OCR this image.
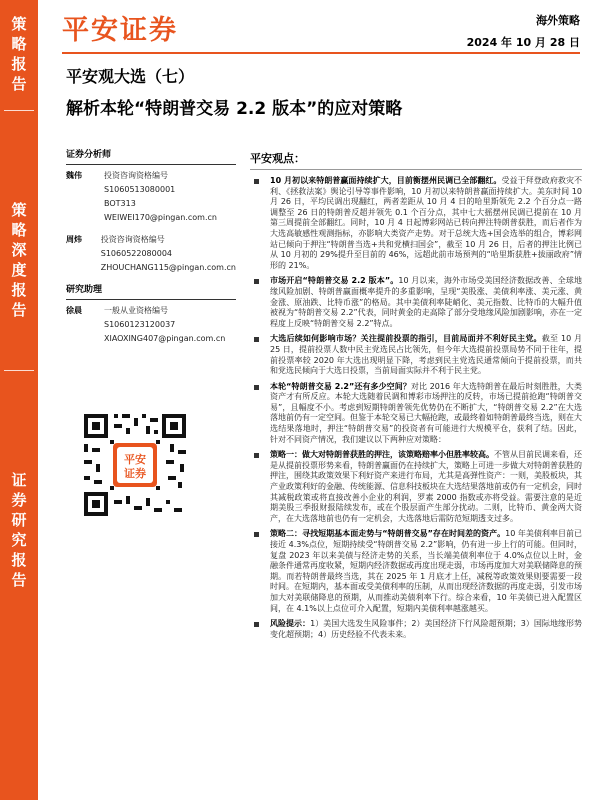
策
略
报
告
策
略
深
度
报
告
证
券
研
究
报
告
平安证券	海外策略
2024 年 10 月 28 日
平安观大选（七）
解析本轮“特朗普交易 2.2 版本”的应对策略
证券分析师
魏伟	投资咨询资格编号
S1060513080001
BOT313
WEIWEI170@pingan.com.cn
周炜	投资咨询资格编号
S1060522080004
ZHOUCHANG115@pingan.com.cn
研究助理
徐晨	一般从业资格编号
S1060123120037
XIAOXING407@pingan.com.cn
平安
证券
平安观点：
10 月初以来特朗普赢面持续扩大，目前衡摆州民调已全部翻红。受益于拜登政府救灾不利、《拯救法案》舆论引导等事件影响，10 月初以来特朗普赢面持续扩大。美东时间 10 月 26 日，平均民调出现翻红，两者差距从 10 月 4 日的哈里斯领先 2.2 个百分点一路调整至 26 日的特朗普反超并领先 0.1 个百分点，其中七大摇摆州民调已提前在 10 月第三周提前全部翻红。同时，10 月 4 日起博彩网站已转向押注特朗普获胜，而后者作为大选高敏感性观测指标，亦影响大类资产走势。对于总统大选+国会选举的组合，博彩网站已倾向于押注“特朗普当选+共和党横扫国会”，截至 10 月 26 日，后者的押注比例已从 10 月初的 29%提升至目前的 46%，远超此前市场预判的“哈里斯获胜+拔丽政府”情形的 21%。
市场开启“特朗普交易 2.2 版本”。10 月以来，海外市场受美国经济数据改善、全球地缘风险加剧、特朗普赢面概率提升的多重影响，呈现“美股涨、美债利率涨、美元涨、黄金涨、原油跌、比特币涨”的格局。其中美债利率陡峭化、美元指数、比特币的大幅升值被视为“特朗普交易 2.2”代表，同时黄金的走高除了部分受地缘风险加剧影响，亦在一定程度上反映“特朗普交易 2.2”特点。
大选后续如何影响市场？关注提前投票的指引，目前局面并不利好民主党。截至 10 月 25 日，提前投票人数中民主党选民占比领先，但今年大选提前投票局势不同于往年，提前投票率较 2020 年大选出现明显下降，考虑到民主党选民通常倾向于提前投票，而共和党选民倾向于大选日投票，当前局面实际并不利于民主党。
本轮“特朗普交易 2.2”还有多少空间？对比 2016 年大选特朗普在最后时刻胜胜，大类资产才有所反应。本轮大选随着民调和博彩市场押注的反转，市场已提前抢跑“特朗普交易”，且幅度不小。考虑到短期特朗普领先优势仍在不断扩大，“特朗普交易 2.2”在大选落地前仍有一定空间。但鉴于本轮交易已大幅抢跑，或最终着如特朗普最终当选，则在大选结果落地时，押注“特朗普交易”的投资者有可能进行大规模平仓，获利了结。因此，针对不同资产情况，我们建议以下两种应对策略：
策略一：做大对特朗普获胜的押注，该策略赔率小但胜率较高。不管从目前民调来看，还是从提前投票形势来看，特朗普赢面仍在持续扩大，策略上可进一步做大对特朗普获胜的押注，围绕其政策效果下利好资产来进行布局，尤其是高弹性资产：一则，美股板块，其产业政策利好的金融、传统能源、信息科技板块在大选结果落地前或仍有一定机会，同时其减税政策或将直接改善小企业的利润，罗素 2000 指数或亦将受益。需要注意的是近期美股三季报财报陆续发布，或在个股层面产生部分扰动。二则，比特币、黄金两大资产，在大选落地前也仍有一定机会，大选落地后需防范短期透支过多。
策略二：寻找短期基本面走势与“特朗普交易”存在时间差的资产。10 年美债利率目前已接近 4.3%点位，短期持续受“特朗普交易 2.2”影响，仍有进一步上行的可能。但同时，复盘 2023 年以来美债与经济走势的关系，当长端美债利率位于 4.0%点位以上时，金融条件通常再度收紧，短期内经济数据或再度出现走弱，市场再度加大对美联储降息的预期。而若特朗普最终当选，其在 2025 年 1 月底才上任，减税等政策效果则要需要一段时间。在短期内，基本面或受美债利率的压制，从而出现经济数据的再度走弱，引发市场加大对美联储降息的预期，从而推动美债利率下行。综合来看，10 年美债已进入配置区间，在 4.1%以上点位可介入配置，短期内美债利率越涨越买。
风险提示：1）美国大选发生风险事件；2）美国经济下行风险超预期；3）国际地缘形势变化超预期；4）历史经验不代表未来。
